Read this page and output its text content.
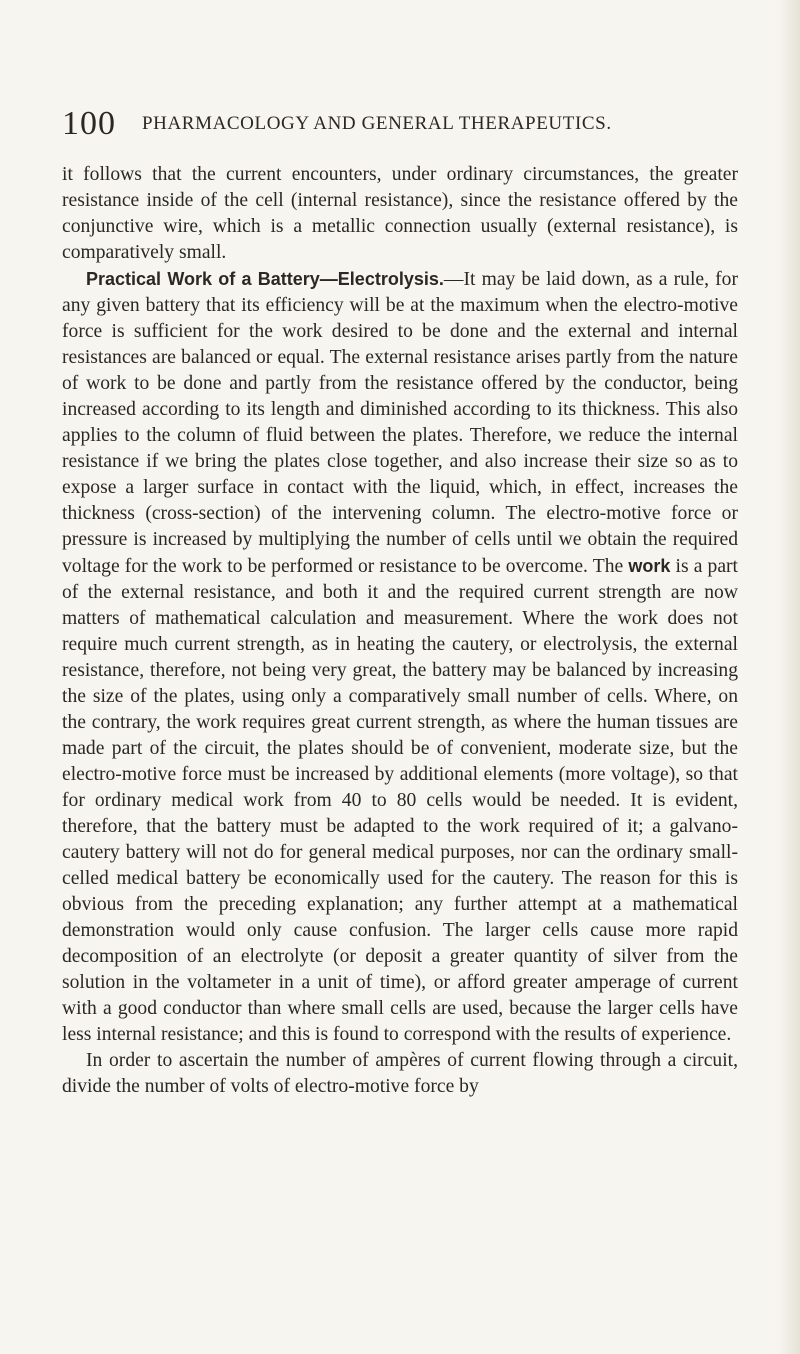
100 PHARMACOLOGY AND GENERAL THERAPEUTICS.

it follows that the current encounters, under ordinary circumstances, the greater resistance inside of the cell (internal resistance), since the resistance offered by the conjunctive wire, which is a metallic connection usually (external resistance), is comparatively small.

Practical Work of a Battery—Electrolysis.—It may be laid down, as a rule, for any given battery that its efficiency will be at the maximum when the electro-motive force is sufficient for the work desired to be done and the external and internal resistances are balanced or equal. The external resistance arises partly from the nature of work to be done and partly from the resistance offered by the conductor, being increased according to its length and diminished according to its thickness. This also applies to the column of fluid between the plates. Therefore, we reduce the internal resistance if we bring the plates close together, and also increase their size so as to expose a larger surface in contact with the liquid, which, in effect, increases the thickness (cross-section) of the intervening column. The electro-motive force or pressure is increased by multiplying the number of cells until we obtain the required voltage for the work to be performed or resistance to be overcome. The work is a part of the external resistance, and both it and the required current strength are now matters of mathematical calculation and measurement. Where the work does not require much current strength, as in heating the cautery, or electrolysis, the external resistance, therefore, not being very great, the battery may be balanced by increasing the size of the plates, using only a comparatively small number of cells. Where, on the contrary, the work requires great current strength, as where the human tissues are made part of the circuit, the plates should be of convenient, moderate size, but the electro-motive force must be increased by additional elements (more voltage), so that for ordinary medical work from 40 to 80 cells would be needed. It is evident, therefore, that the battery must be adapted to the work required of it; a galvano-cautery battery will not do for general medical purposes, nor can the ordinary small-celled medical battery be economically used for the cautery. The reason for this is obvious from the preceding explanation; any further attempt at a mathematical demonstration would only cause confusion. The larger cells cause more rapid decomposition of an electrolyte (or deposit a greater quantity of silver from the solution in the voltameter in a unit of time), or afford greater amperage of current with a good conductor than where small cells are used, because the larger cells have less internal resistance; and this is found to correspond with the results of experience.

In order to ascertain the number of ampères of current flowing through a circuit, divide the number of volts of electro-motive force by
